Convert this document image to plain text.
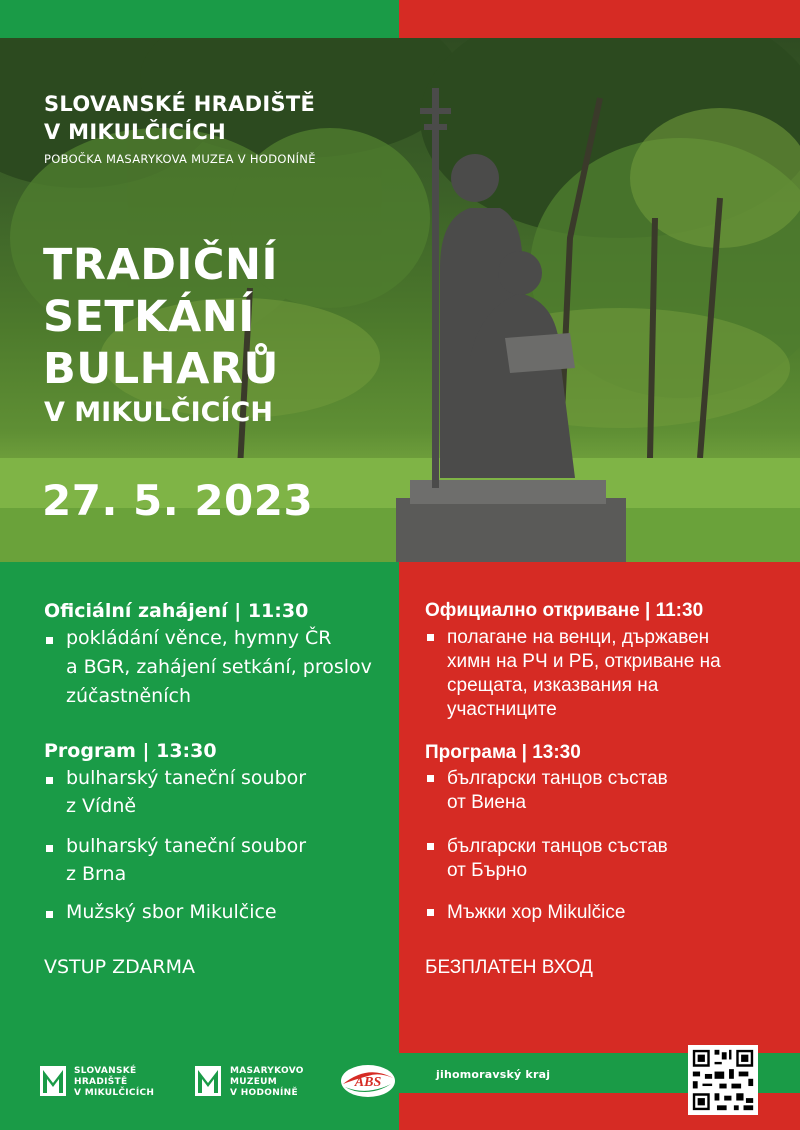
SLOVANSKÉ HRADIŠTĚ
V MIKULČICÍCH
POBOČKA MASARYKOVA MUZEA V HODONÍNĚ
TRADIČNÍ
SETKÁNÍ
BULHARŮ
V MIKULČICÍCH
27. 5. 2023
Oficiální zahájení | 11:30
pokládání věnce, hymny ČR
a BGR, zahájení setkání, proslov
zúčastněních
Program | 13:30
bulharský taneční soubor
z Vídně
bulharský taneční soubor
z Brna
Mužský sbor Mikulčice
VSTUP ZDARMA
Официално откриване | 11:30
полагане на венци, държавен
химн на РЧ и РБ, откриване на
срещата, изказвания на
участниците
Програма | 13:30
български танцов състав
от Виена
български танцов състав
от Бърно
Мъжки хор Mikulčice
БЕЗПЛАТЕН ВХОД
SLOVANSKÉ
HRADIŠTĚ
V MIKULČICÍCH
MASARYKOVO
MUZEUM
V HODONÍNĚ
ABS
jihomoravský kraj
